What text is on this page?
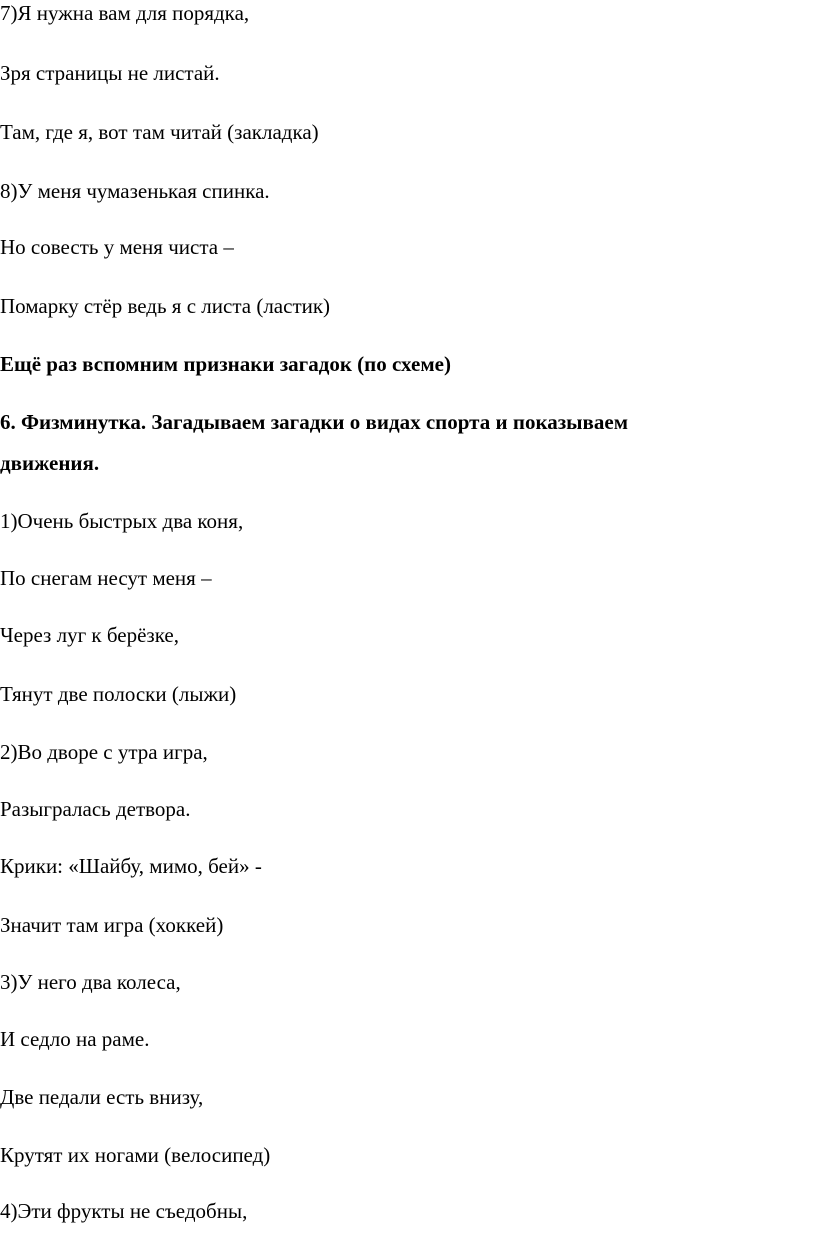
7)Я нужна вам для порядка,
Зря страницы не листай.
Там, где я, вот там читай (закладка)
8)У меня чумазенькая спинка.
Но совесть у меня чиста –
Помарку стёр ведь я с листа (ластик)
Ещё раз вспомним признаки загадок (по схеме)
6. Физминутка. Загадываем загадки о видах спорта и показываем
движения.
1)Очень быстрых два коня,
По снегам несут меня –
Через луг к берёзке,
Тянут две полоски (лыжи)
2)Во дворе с утра игра,
Разыгралась детвора.
Крики: «Шайбу, мимо, бей» -
Значит там игра (хоккей)
3)У него два колеса,
И седло на раме.
Две педали есть внизу,
Крутят их ногами (велосипед)
4)Эти фрукты не съедобны,
